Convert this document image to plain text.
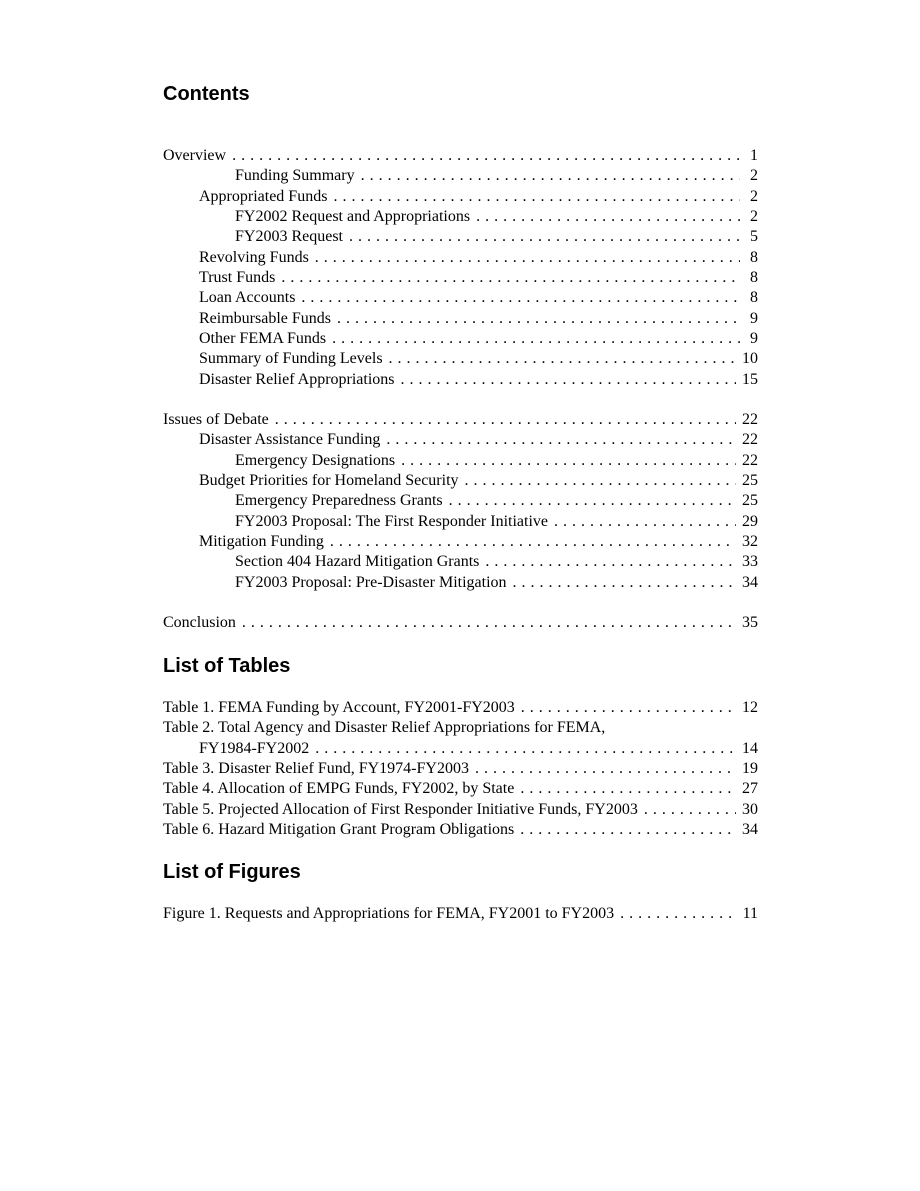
Contents
Overview . . .	1
Funding Summary . . .	2
Appropriated Funds . . .	2
FY2002 Request and Appropriations . . .	2
FY2003 Request . . .	5
Revolving Funds . . .	8
Trust Funds . . .	8
Loan Accounts . . .	8
Reimbursable Funds . . .	9
Other FEMA Funds . . .	9
Summary of Funding Levels . . .	10
Disaster Relief Appropriations . . .	15
Issues of Debate . . .	22
Disaster Assistance Funding . . .	22
Emergency Designations . . .	22
Budget Priorities for Homeland Security . . .	25
Emergency Preparedness Grants . . .	25
FY2003 Proposal: The First Responder Initiative . . .	29
Mitigation Funding . . .	32
Section 404 Hazard Mitigation Grants . . .	33
FY2003 Proposal: Pre-Disaster Mitigation . . .	34
Conclusion . . .	35
List of Tables
Table 1. FEMA Funding by Account, FY2001-FY2003 . . .	12
Table 2. Total Agency and Disaster Relief Appropriations for FEMA,
FY1984-FY2002 . . .	14
Table 3. Disaster Relief Fund, FY1974-FY2003 . . .	19
Table 4. Allocation of EMPG Funds, FY2002, by State . . .	27
Table 5. Projected Allocation of First Responder Initiative Funds, FY2003 . . .	30
Table 6. Hazard Mitigation Grant Program Obligations . . .	34
List of Figures
Figure 1. Requests and Appropriations for FEMA, FY2001 to FY2003 . . .	11
